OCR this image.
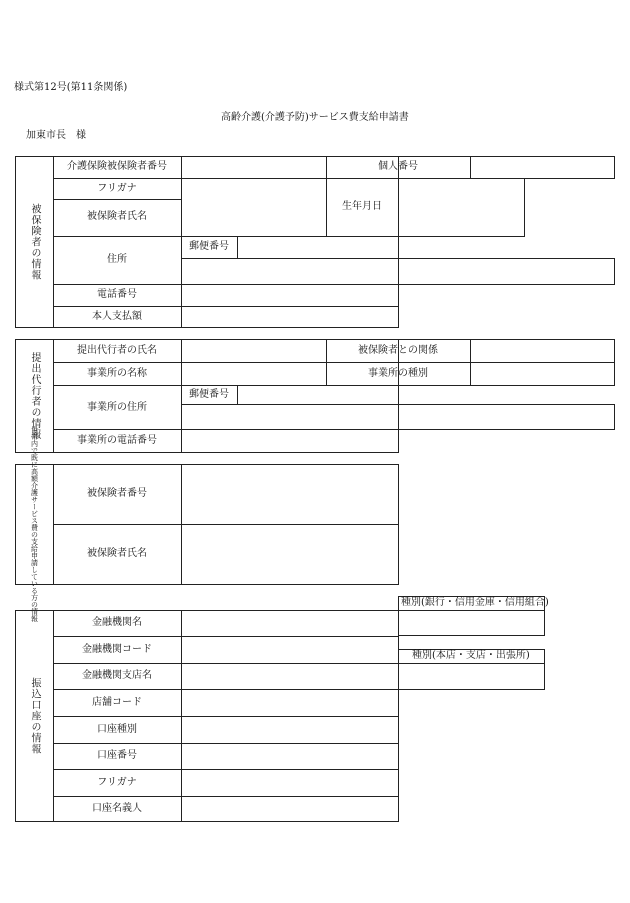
様式第12号(第11条関係)
高齢介護(介護予防)サービス費支給申請書
加東市長　様
被保険者の情報
介護保険被保険者番号	個人番号
フリガナ
被保険者氏名
生年月日
住所
郵便番号
電話番号
本人支払額
提出代行者の情報
提出代行者の氏名	被保険者との関係
事業所の名称	事業所の種別
事業所の住所
郵便番号
事業所の電話番号
世帯内で既に高額介護サービス費の支給申請している方の情報	被保険者番号
被保険者氏名
種別(銀行・信用金庫・信用組合)
種別(本店・支店・出張所)
振込口座の情報
金融機関名
金融機関コード
金融機関支店名
店舗コード
口座種別
口座番号
フリガナ
口座名義人
